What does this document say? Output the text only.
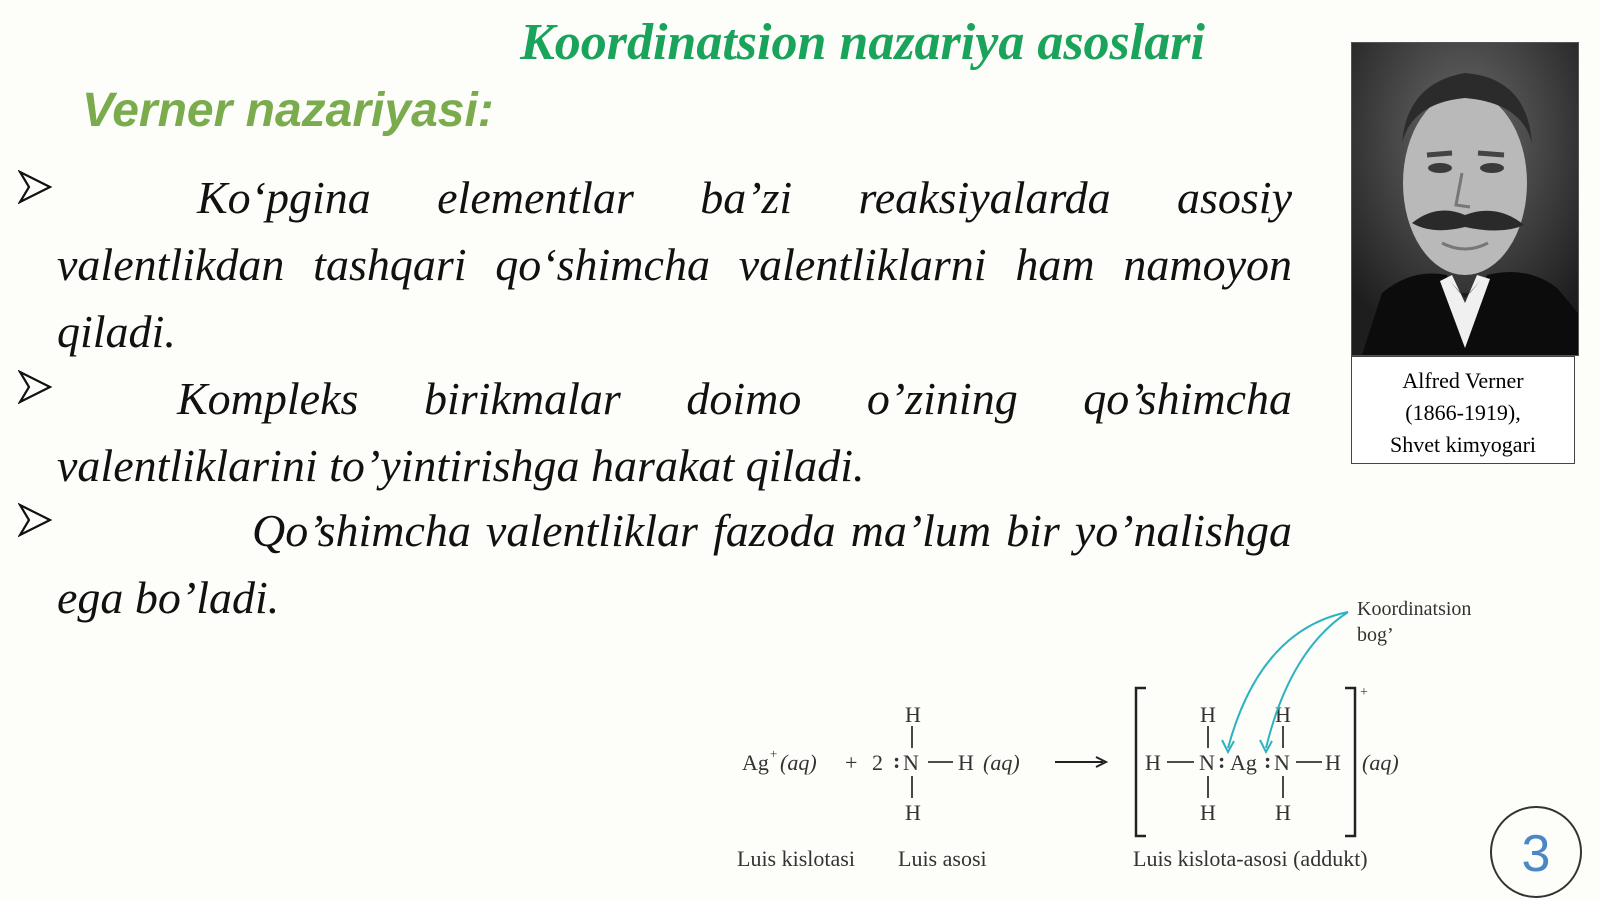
Koordinatsion nazariya asoslari
Verner nazariyasi:

Ko‘pgina elementlar ba’zi reaksiyalarda asosiy valentlikdan tashqari qo‘shimcha valentliklarni ham namoyon qiladi.

Kompleks birikmalar doimo o’zining qo’shimcha valentliklarini to’yintirishga harakat qiladi.

Qo’shimcha valentliklar fazoda ma’lum bir yo’nalishga ega bo’ladi.

Alfred Verner
(1866-1919),
Shvet kimyogari
Ag + (aq) + 2 : N
H
H
H (aq)
+
(aq)
H N : Ag : N H
H
H
H
H
Koordinatsion
bog’
Luis kislotasi Luis asosi	Luis kislota-asosi (addukt)	3
